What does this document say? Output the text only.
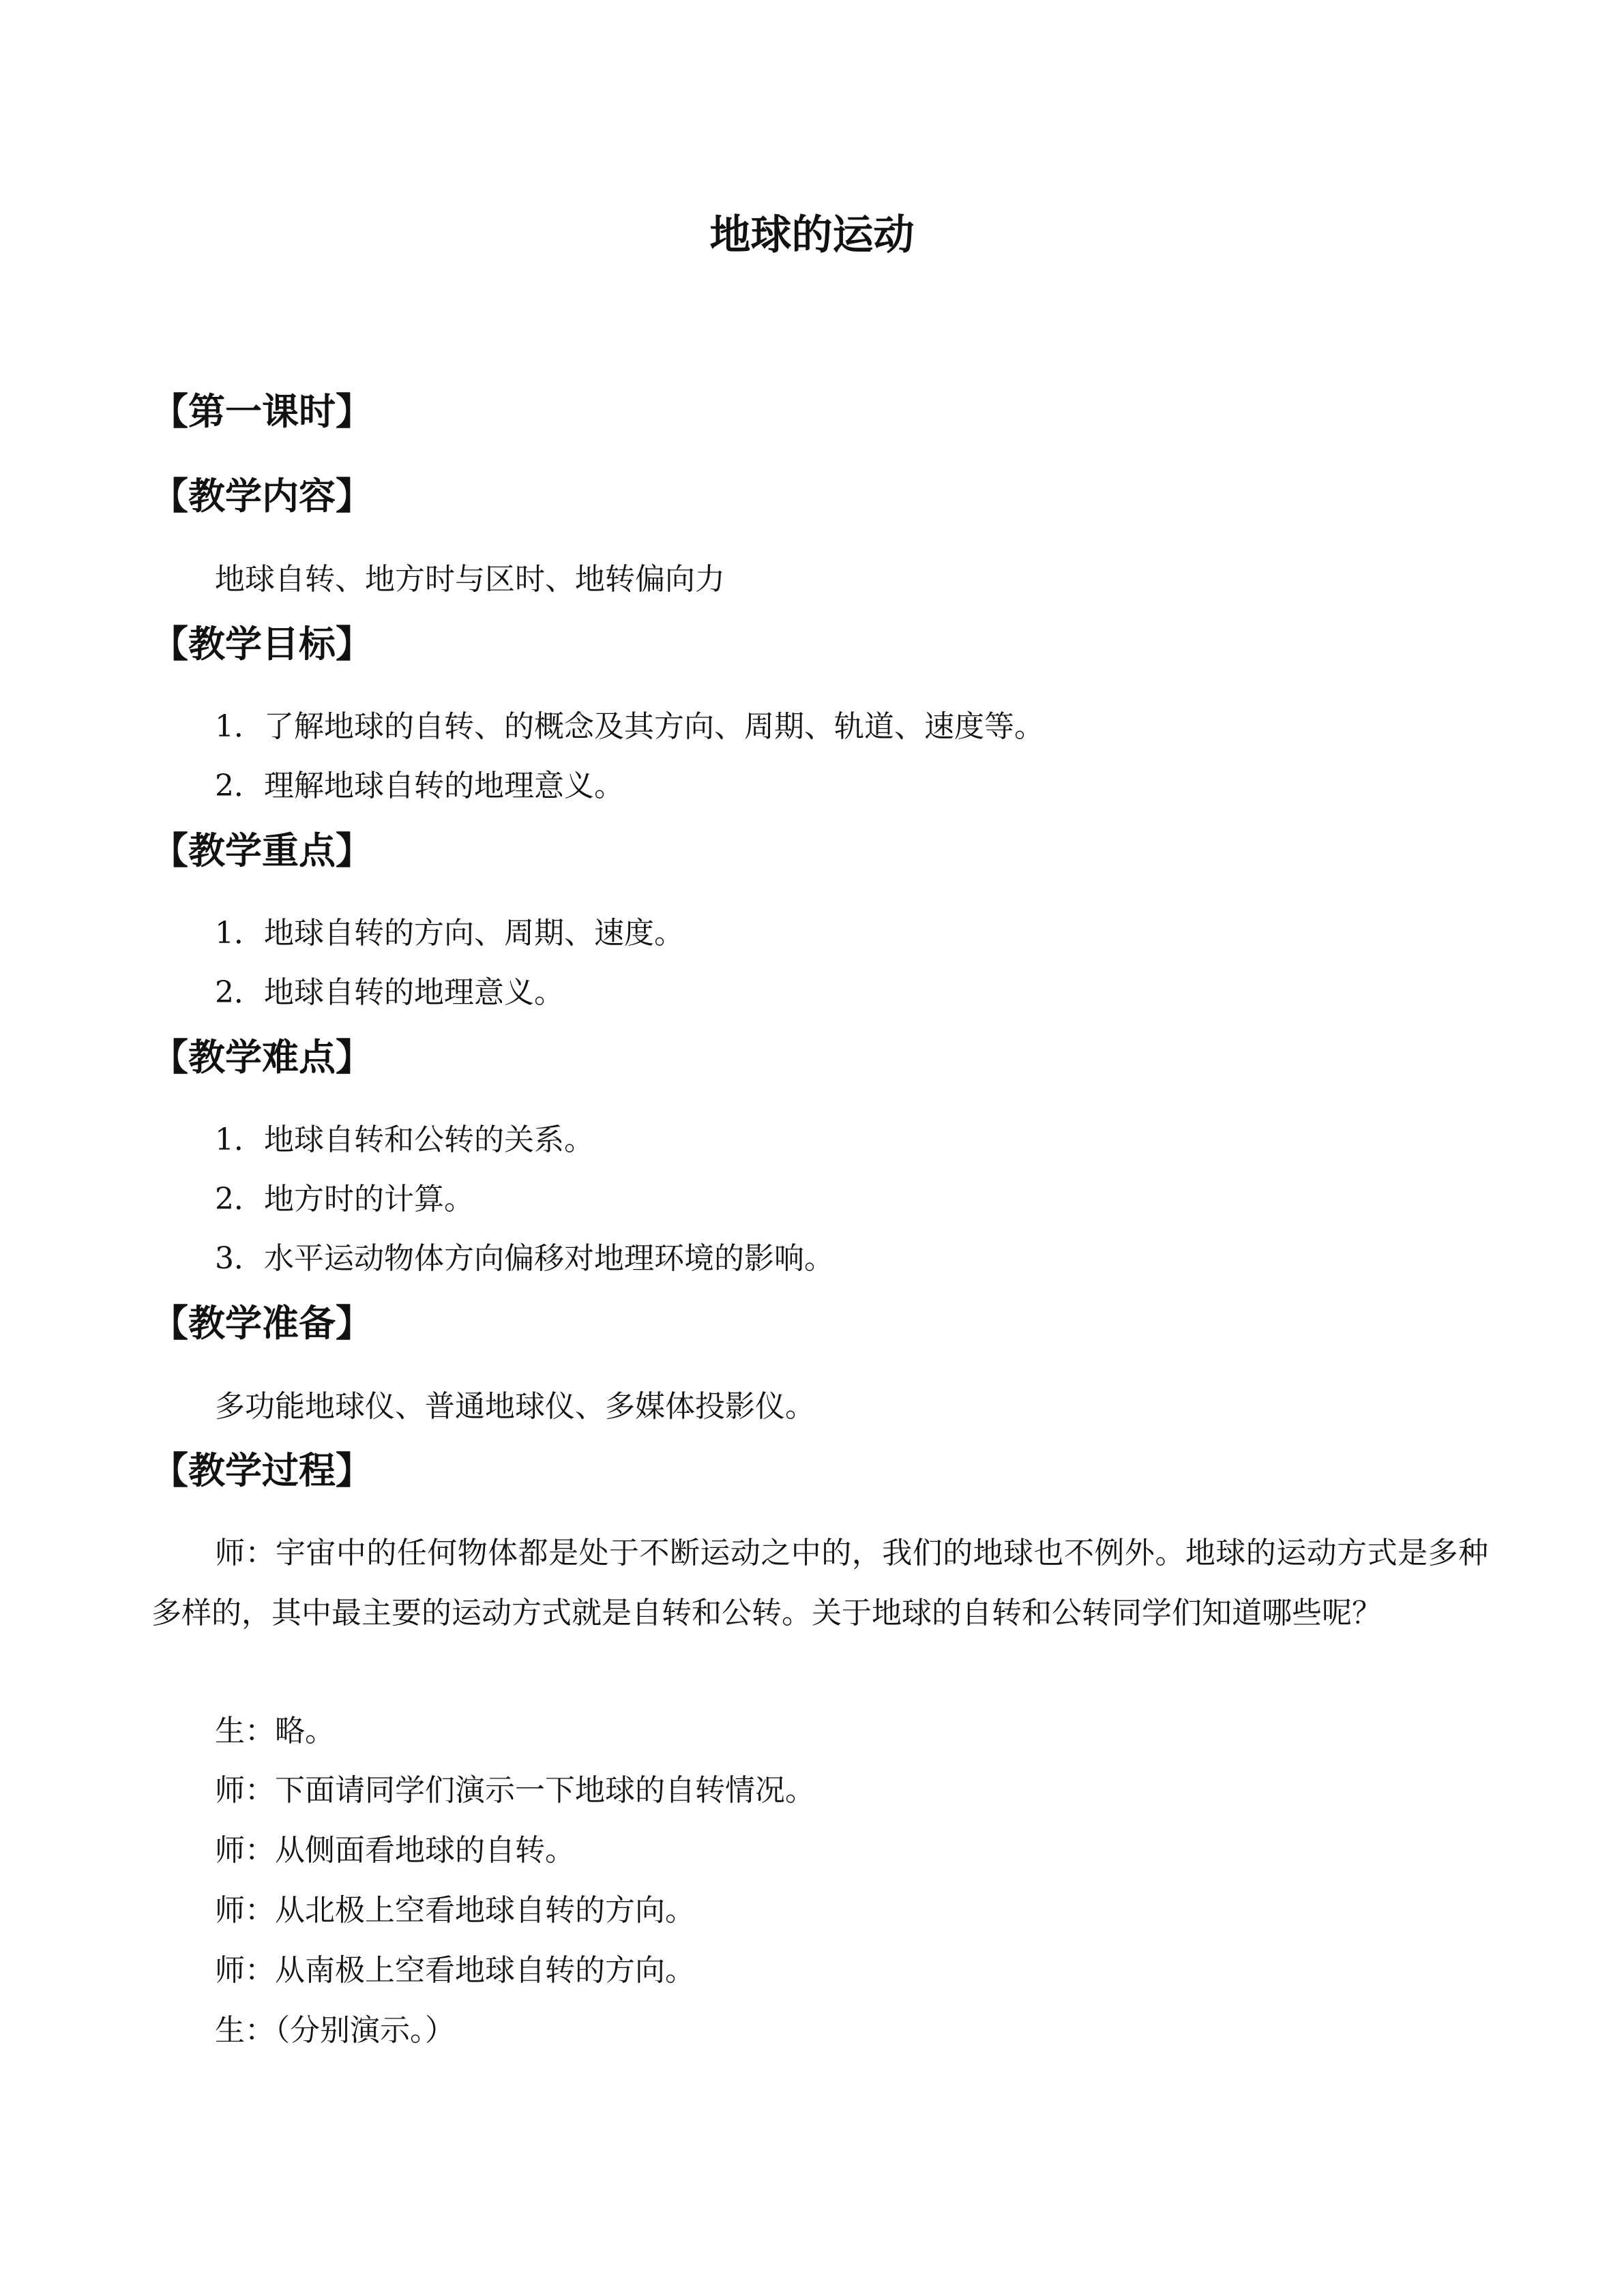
地球的运动
【第一课时】
【教学内容】

地球自转、地方时与区时、地转偏向力

【教学目标】

1．了解地球的自转、的概念及其方向、周期、轨道、速度等。

2．理解地球自转的地理意义。

【教学重点】

1．地球自转的方向、周期、速度。

2．地球自转的地理意义。

【教学难点】

1．地球自转和公转的关系。

2．地方时的计算。

3．水平运动物体方向偏移对地理环境的影响。

【教学准备】

多功能地球仪、普通地球仪、多媒体投影仪。

【教学过程】

师：宇宙中的任何物体都是处于不断运动之中的，我们的地球也不例外。地球的运动方式是多种多样的，其中最主要的运动方式就是自转和公转。关于地球的自转和公转同学们知道哪些呢？

生：略。

师：下面请同学们演示一下地球的自转情况。

师：从侧面看地球的自转。

师：从北极上空看地球自转的方向。

师：从南极上空看地球自转的方向。

生：（分别演示。）
